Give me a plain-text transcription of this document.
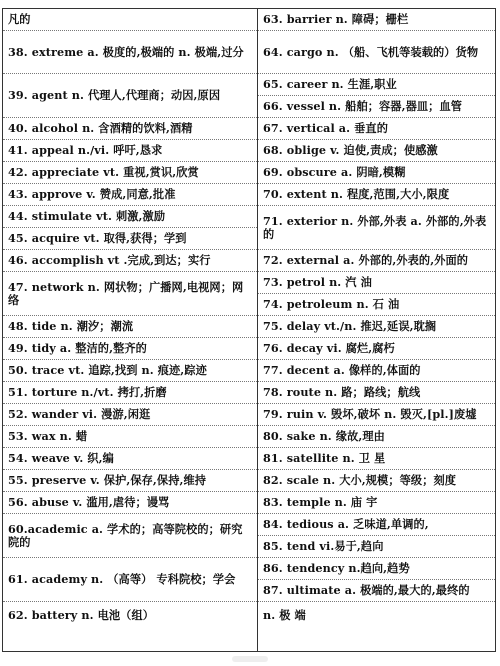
凡的
38. extreme a. 极度的,极端的 n. 极端,过分
39. agent n. 代理人,代理商；动因,原因
40. alcohol n. 含酒精的饮料,酒精
41. appeal n./vi. 呼吁,恳求
42. appreciate vt. 重视,赏识,欣赏
43. approve v. 赞成,同意,批准
44. stimulate vt. 刺激,激励
45. acquire vt. 取得,获得；学到
46. accomplish vt .完成,到达；实行
47. network n. 网状物；广播网,电视网；网络
48. tide n. 潮汐；潮流
49. tidy a. 整洁的,整齐的
50. trace vt. 追踪,找到 n. 痕迹,踪迹
51. torture n./vt. 拷打,折磨
52. wander vi. 漫游,闲逛
53. wax n. 蜡
54. weave v. 织,编
55. preserve v. 保护,保存,保持,维持
56. abuse v. 滥用,虐待；谩骂
60.academic a. 学术的；高等院校的；研究院的
61. academy n. （高等） 专科院校；学会
62. battery n. 电池（组）
63. barrier n. 障碍；栅栏
64. cargo n. （船、飞机等装载的）货物
65. career n. 生涯,职业
66. vessel n. 船舶；容器,器皿；血管
67. vertical a. 垂直的
68. oblige v. 迫使,责成；使感激
69. obscure a. 阴暗,模糊
70. extent n. 程度,范围,大小,限度
71. exterior n. 外部,外表 a. 外部的,外表的
72. external a. 外部的,外表的,外面的
73. petrol n. 汽 油
74. petroleum n. 石 油
75. delay vt./n. 推迟,延误,耽搁
76. decay vi. 腐烂,腐朽
77. decent a. 像样的,体面的
78. route n. 路；路线；航线
79. ruin v. 毁坏,破坏 n. 毁灭,[pl.]废墟
80. sake n. 缘故,理由
81. satellite n. 卫 星
82. scale n. 大小,规模；等级；刻度
83. temple n. 庙 宇
84. tedious a. 乏味道,单调的,
85. tend vi.易于,趋向
86. tendency n.趋向,趋势
87. ultimate a. 极端的,最大的,最终的
n. 极 端
